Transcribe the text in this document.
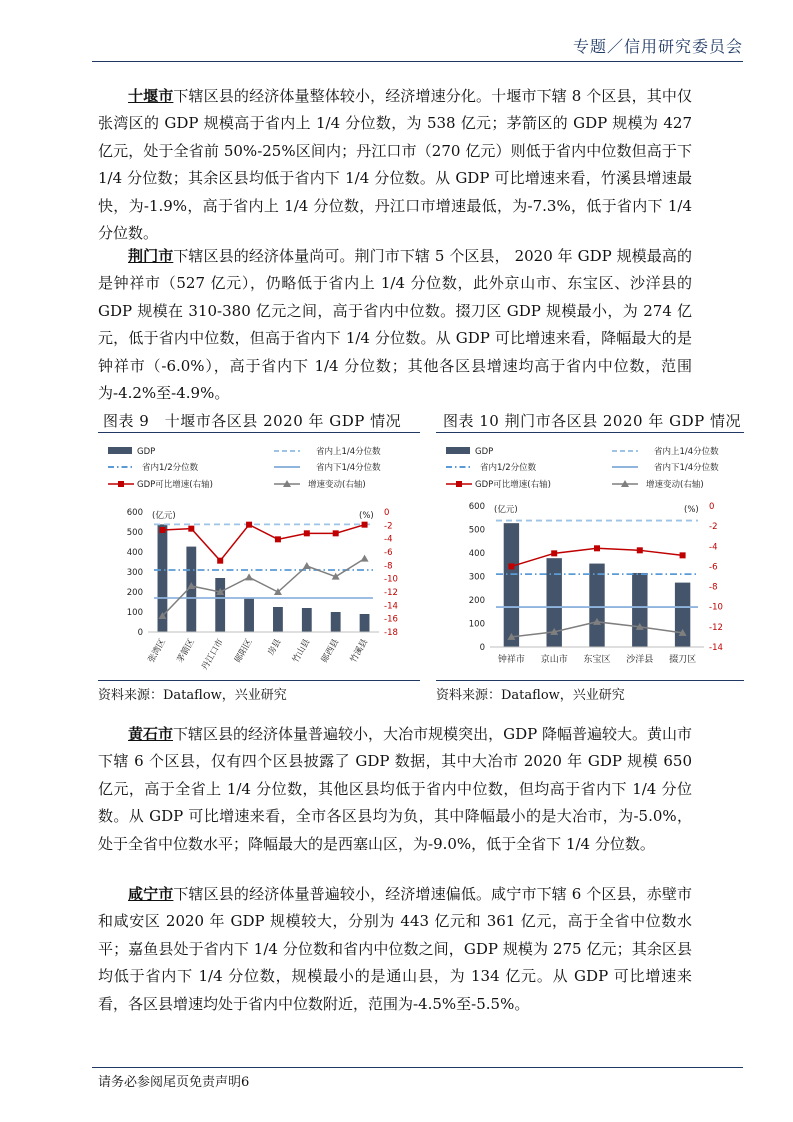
专题／信用研究委员会

十堰市下辖区县的经济体量整体较小，经济增速分化。十堰市下辖 8 个区县，其中仅张湾区的 GDP 规模高于省内上 1/4 分位数，为 538 亿元；茅箭区的 GDP 规模为 427 亿元，处于全省前 50%-25%区间内；丹江口市（270 亿元）则低于省内中位数但高于下 1/4 分位数；其余区县均低于省内下 1/4 分位数。从 GDP 可比增速来看，竹溪县增速最快，为-1.9%，高于省内上 1/4 分位数，丹江口市增速最低，为-7.3%，低于省内下 1/4 分位数。

荆门市下辖区县的经济体量尚可。荆门市下辖 5 个区县， 2020 年 GDP 规模最高的是钟祥市（527 亿元），仍略低于省内上 1/4 分位数，此外京山市、东宝区、沙洋县的 GDP 规模在 310-380 亿元之间，高于省内中位数。掇刀区 GDP 规模最小，为 274 亿元，低于省内中位数，但高于省内下 1/4 分位数。从 GDP 可比增速来看，降幅最大的是钟祥市（-6.0%），高于省内下 1/4 分位数；其他各区县增速均高于省内中位数，范围为-4.2%至-4.9%。

图表 9　十堰市各区县 2020 年 GDP 情况	图表 10 荆门市各区县 2020 年 GDP 情况
GDP	省内上1/4分位数
省内1/2分位数	省内下1/4分位数
GDP可比增速(右轴)	增速变动(右轴)
(亿元)	(%)
0
100
200
300
400
500
600	0
-2
-4
-6
-8
-10
-12
-14
-16
-18
张湾区 茅箭区 丹江口市 郧阳区 房县 竹山县 郧西县 竹溪县
GDP	省内上1/4分位数
省内1/2分位数	省内下1/4分位数
GDP可比增速(右轴)	增速变动(右轴)
(亿元)	(%)
0
100
200
300
400
500
600	0
-2
-4
-6
-8
-10
-12
-14
钟祥市 京山市 东宝区 沙洋县 掇刀区
资料来源：Dataflow，兴业研究	资料来源：Dataflow，兴业研究

黄石市下辖区县的经济体量普遍较小，大冶市规模突出，GDP 降幅普遍较大。黄山市下辖 6 个区县，仅有四个区县披露了 GDP 数据，其中大冶市 2020 年 GDP 规模 650 亿元，高于全省上 1/4 分位数，其他区县均低于省内中位数，但均高于省内下 1/4 分位数。从 GDP 可比增速来看，全市各区县均为负，其中降幅最小的是大冶市，为-5.0%，处于全省中位数水平；降幅最大的是西塞山区，为-9.0%，低于全省下 1/4 分位数。

咸宁市下辖区县的经济体量普遍较小，经济增速偏低。咸宁市下辖 6 个区县，赤壁市和咸安区 2020 年 GDP 规模较大，分别为 443 亿元和 361 亿元，高于全省中位数水平；嘉鱼县处于省内下 1/4 分位数和省内中位数之间，GDP 规模为 275 亿元；其余区县均低于省内下 1/4 分位数，规模最小的是通山县，为 134 亿元。从 GDP 可比增速来看，各区县增速均处于省内中位数附近，范围为-4.5%至-5.5%。

请务必参阅尾页免责声明6
